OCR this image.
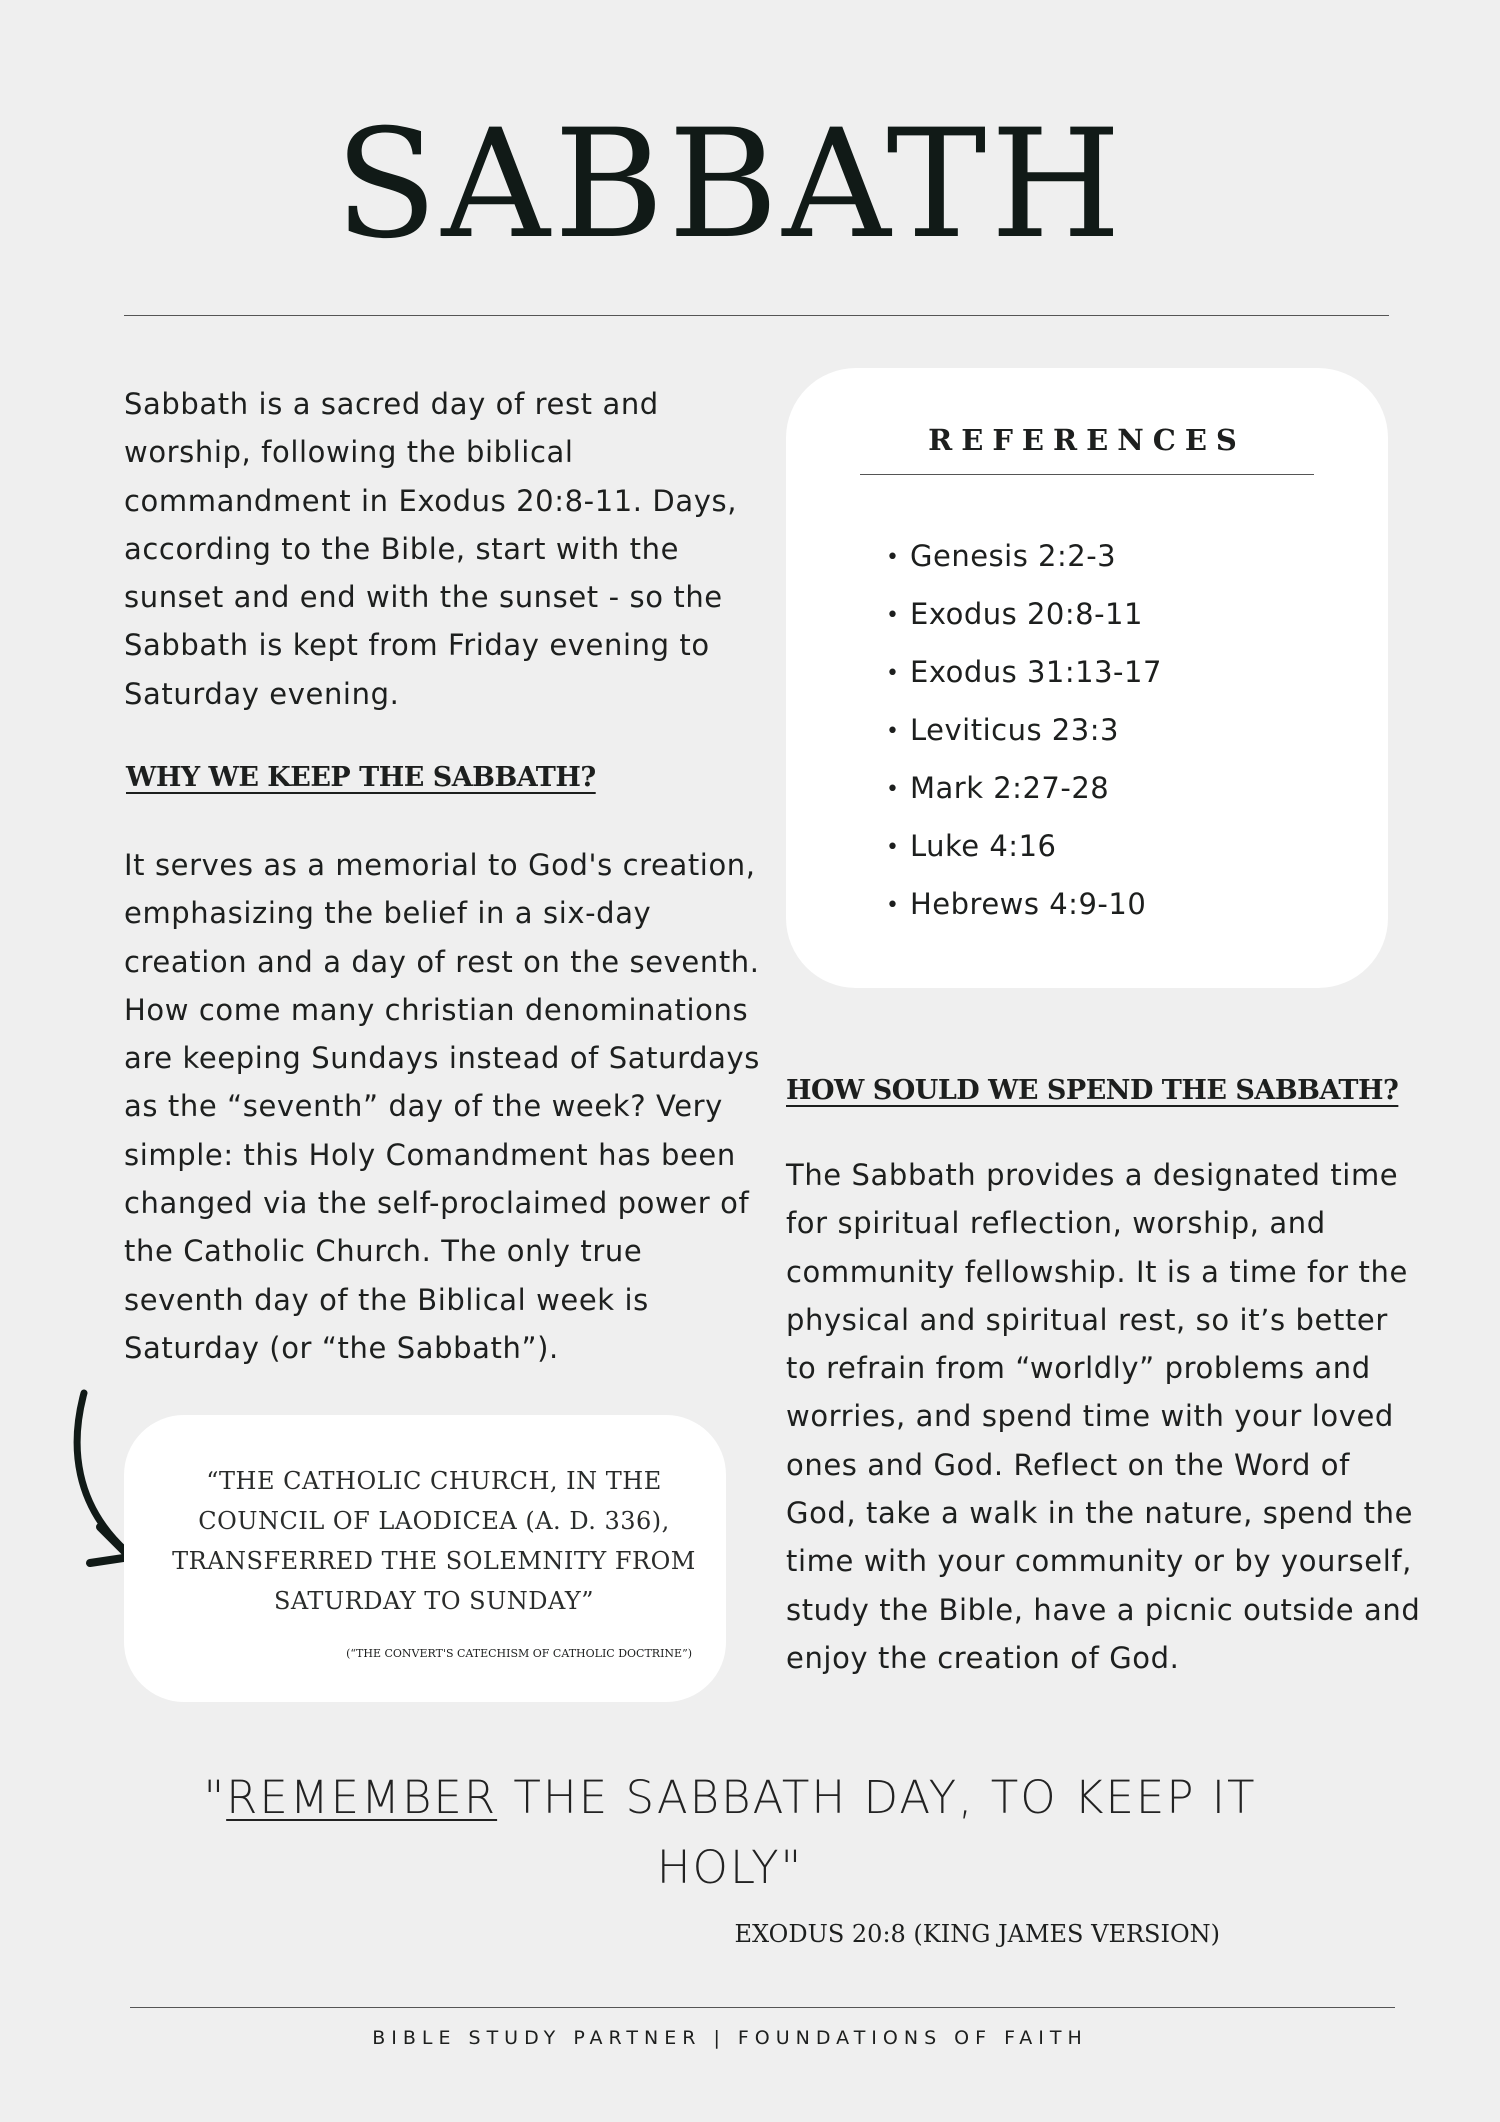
SABBATH

Sabbath is a sacred day of rest and worship, following the biblical commandment in Exodus 20:8-11. Days, according to the Bible, start with the sunset and end with the sunset - so the Sabbath is kept from Friday evening to Saturday evening.

WHY WE KEEP THE SABBATH?

It serves as a memorial to God's creation, emphasizing the belief in a six-day creation and a day of rest on the seventh. How come many christian denominations are keeping Sundays instead of Saturdays as the “seventh” day of the week? Very simple: this Holy Comandment has been changed via the self-proclaimed power of the Catholic Church. The only true seventh day of the Biblical week is Saturday (or “the Sabbath”).

REFERENCES
• Genesis 2:2-3
• Exodus 20:8-11
• Exodus 31:13-17
• Leviticus 23:3
• Mark 2:27-28
• Luke 4:16
• Hebrews 4:9-10
HOW SOULD WE SPEND THE SABBATH?

The Sabbath provides a designated time for spiritual reflection, worship, and community fellowship. It is a time for the physical and spiritual rest, so it’s better to refrain from “worldly” problems and worries, and spend time with your loved ones and God. Reflect on the Word of God, take a walk in the nature, spend the time with your community or by yourself, study the Bible, have a picnic outside and enjoy the creation of God.

“THE CATHOLIC CHURCH, IN THE COUNCIL OF LAODICEA (A. D. 336), TRANSFERRED THE SOLEMNITY FROM SATURDAY TO SUNDAY”

(“THE CONVERT'S CATECHISM OF CATHOLIC DOCTRINE”)

"REMEMBER THE SABBATH DAY, TO KEEP IT HOLY"

EXODUS 20:8 (KING JAMES VERSION)
BIBLE STUDY PARTNER | FOUNDATIONS OF FAITH
